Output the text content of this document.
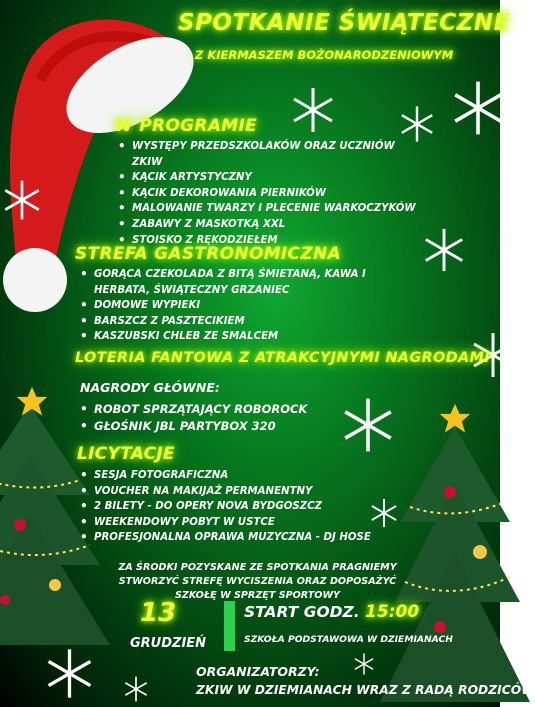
SPOTKANIE ŚWIĄTECZNE
Z KIERMASZEM BOŻONARODZENIOWYM
W PROGRAMIE
• WYSTĘPY PRZEDSZKOLAKÓW ORAZ UCZNIÓW ZKIW
• KĄCIK ARTYSTYCZNY
• KĄCIK DEKOROWANIA PIERNIKÓW
• MALOWANIE TWARZY I PLECENIE WARKOCZYKÓW
• ZABAWY Z MASKOTKĄ XXL
• STOISKO Z RĘKODZIEŁEM
STREFA GASTRONOMICZNA
• GORĄCA CZEKOLADA Z BITĄ ŚMIETANĄ, KAWA I HERBATA, ŚWIĄTECZNY GRZANIEC
• DOMOWE WYPIEKI
• BARSZCZ Z PASZTECIKIEM
• KASZUBSKI CHLEB ZE SMALCEM
LOTERIA FANTOWA Z ATRAKCYJNYMI NAGRODAMI
NAGRODY GŁÓWNE:
• ROBOT SPRZĄTAJĄCY ROBOROCK
• GŁOŚNIK JBL PARTYBOX 320
LICYTACJE
• SESJA FOTOGRAFICZNA
• VOUCHER NA MAKIJAŻ PERMANENTNY
• 2 BILETY - DO OPERY NOVA BYDGOSZCZ
• WEEKENDOWY POBYT W USTCE
• PROFESJONALNA OPRAWA MUZYCZNA - DJ HOSE
ZA ŚRODKI POZYSKANE ZE SPOTKANIA PRAGNIEMY STWORZYĆ STREFĘ WYCISZENIA ORAZ DOPOSAŻYĆ SZKOŁĘ W SPRZĘT SPORTOWY
13
GRUDZIEŃ
START GODZ. 15:00
SZKOŁA PODSTAWOWA W DZIEMIANACH
ORGANIZATORZY:
ZKIW W DZIEMIANACH WRAZ Z RADĄ RODZICÓW
